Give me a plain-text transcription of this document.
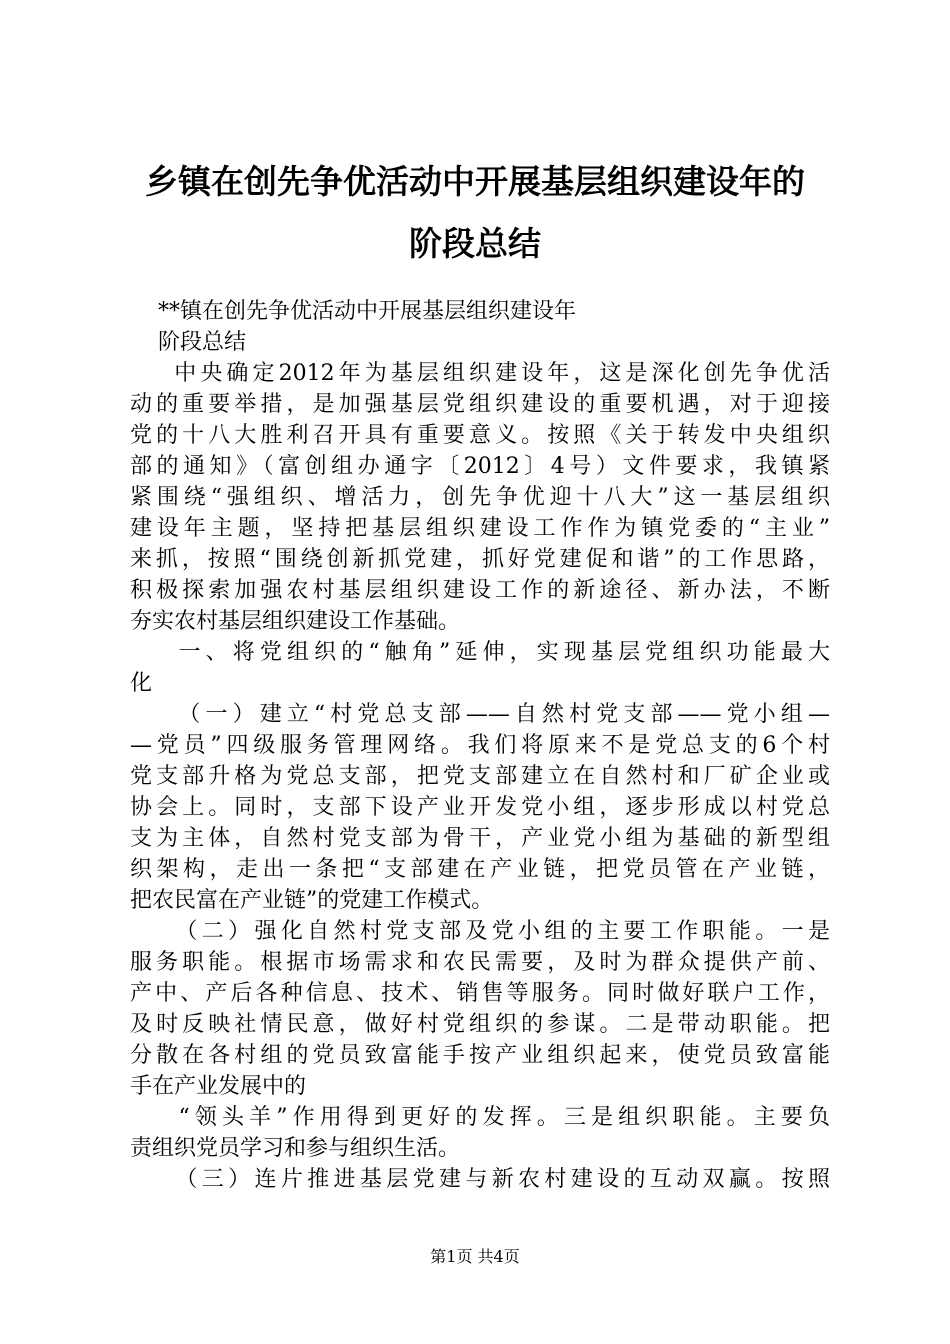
乡镇在创先争优活动中开展基层组织建设年的
阶段总结
**镇在创先争优活动中开展基层组织建设年
阶段总结
中央确定2012年为基层组织建设年，这是深化创先争优活
动的重要举措，是加强基层党组织建设的重要机遇，对于迎接
党的十八大胜利召开具有重要意义。按照《关于转发中央组织
部的通知》（富创组办通字〔2012〕4号）文件要求，我镇紧
紧围绕“强组织、增活力，创先争优迎十八大”这一基层组织
建设年主题，坚持把基层组织建设工作作为镇党委的“主业”
来抓，按照“围绕创新抓党建，抓好党建促和谐”的工作思路，
积极探索加强农村基层组织建设工作的新途径、新办法，不断
夯实农村基层组织建设工作基础。
一、将党组织的“触角”延伸，实现基层党组织功能最大
化
（一）建立“村党总支部——自然村党支部——党小组—
—党员”四级服务管理网络。我们将原来不是党总支的6个村
党支部升格为党总支部，把党支部建立在自然村和厂矿企业或
协会上。同时，支部下设产业开发党小组，逐步形成以村党总
支为主体，自然村党支部为骨干，产业党小组为基础的新型组
织架构，走出一条把“支部建在产业链，把党员管在产业链，
把农民富在产业链”的党建工作模式。
（二）强化自然村党支部及党小组的主要工作职能。一是
服务职能。根据市场需求和农民需要，及时为群众提供产前、
产中、产后各种信息、技术、销售等服务。同时做好联户工作，
及时反映社情民意，做好村党组织的参谋。二是带动职能。把
分散在各村组的党员致富能手按产业组织起来，使党员致富能
手在产业发展中的
“领头羊”作用得到更好的发挥。三是组织职能。主要负
责组织党员学习和参与组织生活。
（三）连片推进基层党建与新农村建设的互动双赢。按照
第1页 共4页
